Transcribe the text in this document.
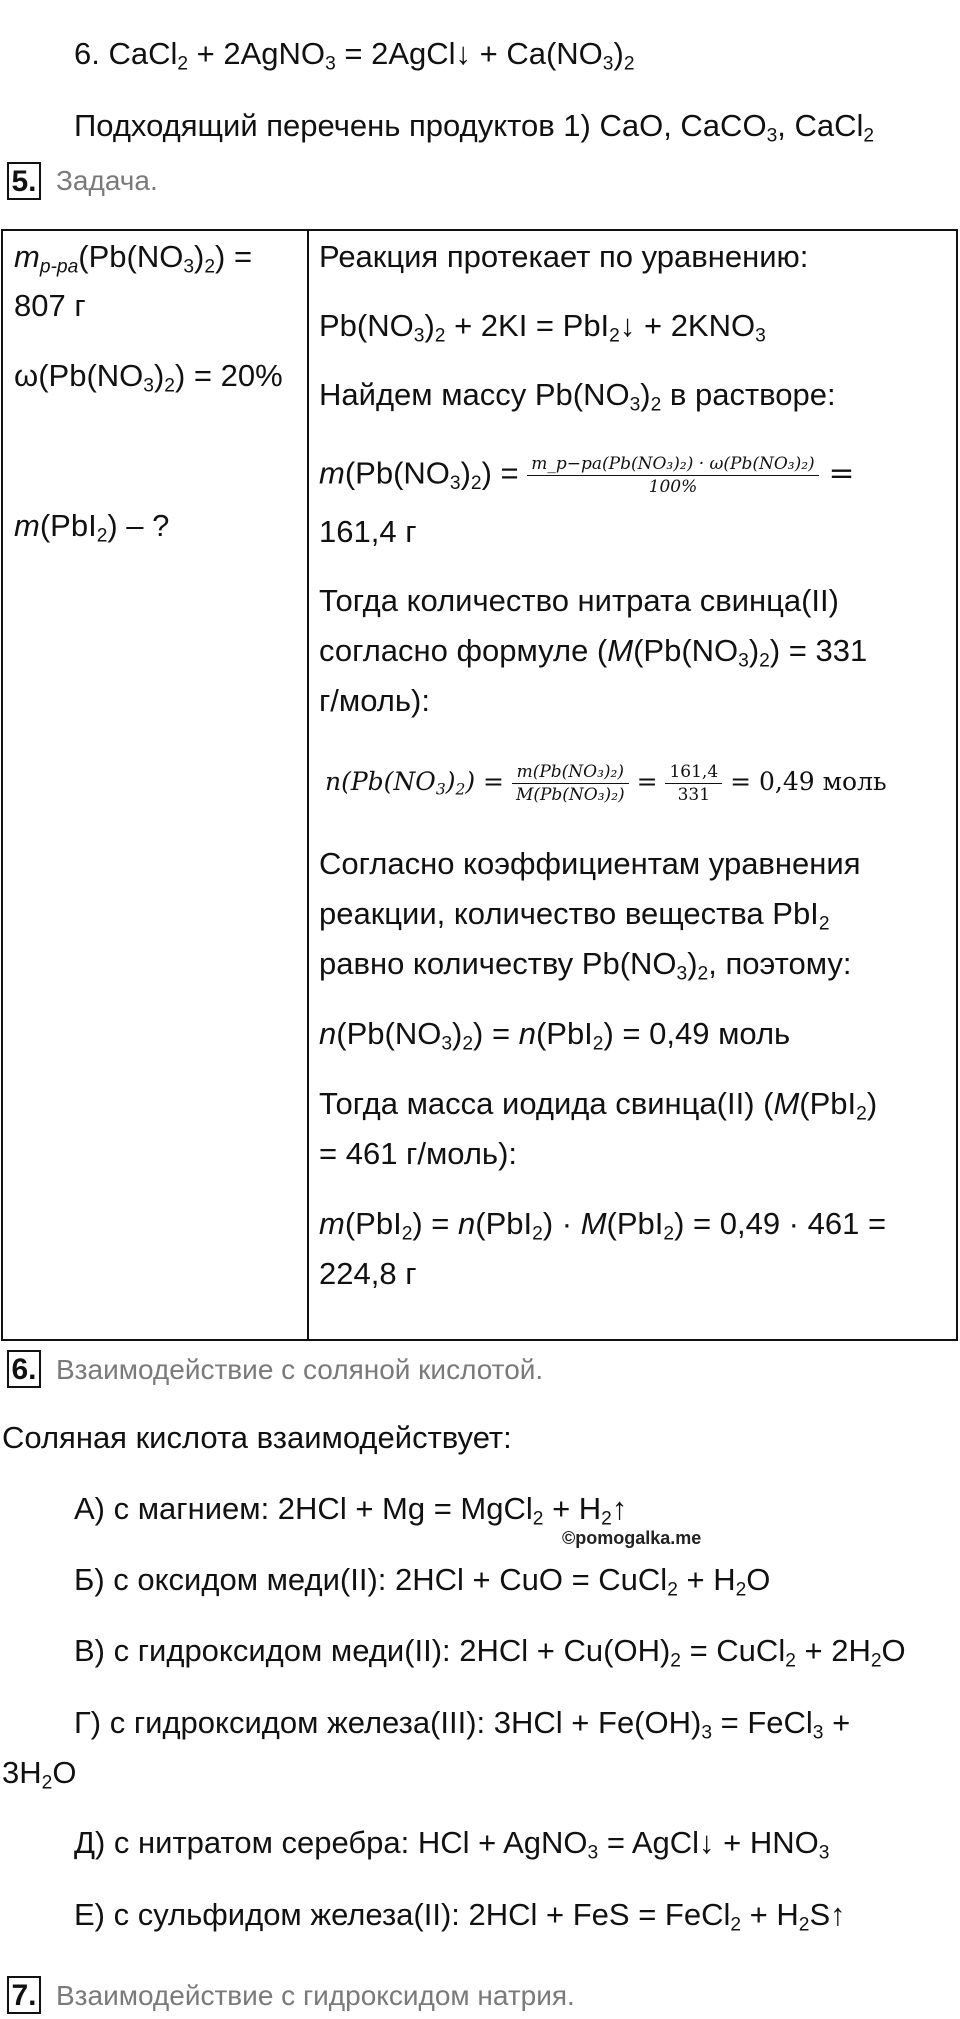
6. CaCl$_2$ + 2AgNO$_3$ = 2AgCl↓ + $Ca(NO_3)_2$
Подходящий перечень продуктов 1) CaO, CaCO$_3$, CaCl$_2$
5. Задача.
$m_{р-ра}(Pb(NO_3)_2)$ =
807 г
$\omega(Pb(NO_3)_2) = 20\%$
m(PbI$_2$) – ?
Реакция протекает по уравнению:
$Pb(NO_3)_2 + 2KI$ = PbI$_2$↓ + $2KNO_3$
Найдем массу $Pb(NO_3)_2$ в растворе:
$m(Pb(NO_3)_2) = \frac{\text{m\_p−pa(Pb(NO₃)₂) · ω(Pb(NO₃)₂)}}{100\%}$ =
161,4 г
Тогда количество нитрата свинца(II)
согласно формуле ($M(Pb(NO_3)_2) = 331$
г/моль):
$n(Pb(NO_3)_2) = \frac{\text{m(Pb(NO₃)₂)}}{\text{M(Pb(NO₃)₂)}} = \frac{161,4}{331} = 0,49$ моль
Согласно коэффициентам уравнения
реакции, количество вещества PbI$_2$
равно количеству $Pb(NO_3)_2$, поэтому:
$n(Pb(NO_3)_2) = n(PbI_2) = 0,49$ моль
Тогда масса иодида свинца(II) (M(PbI$_2$)
= 461 г/моль):
m(PbI$_2$) = n(PbI$_2$) · M(PbI$_2$) = 0,49 · 461 =
224,8 г
6. Взаимодействие с соляной кислотой.
Соляная кислота взаимодействует:
А) с магнием: 2HCl + Mg = MgCl$_2$ + $H_2↑$
©pomogalka.me
Б) с оксидом меди(II): 2HCl + CuO = CuCl$_2$ + $H_2O$
В) с гидроксидом меди(II): $2HCl + Cu(OH)_2$ = CuCl$_2$ + $2H_2O$
Г) с гидроксидом железа(III): $3HCl + Fe(OH)_3$ = FeCl$_3$ +
$3H_2O$
Д) с нитратом серебра: HCl + AgNO$_3$ = AgCl↓ + $HNO_3$
Е) с сульфидом железа(II): 2HCl + FeS = FeCl$_2$ + $H_2S↑$
7. Взаимодействие с гидроксидом натрия.
